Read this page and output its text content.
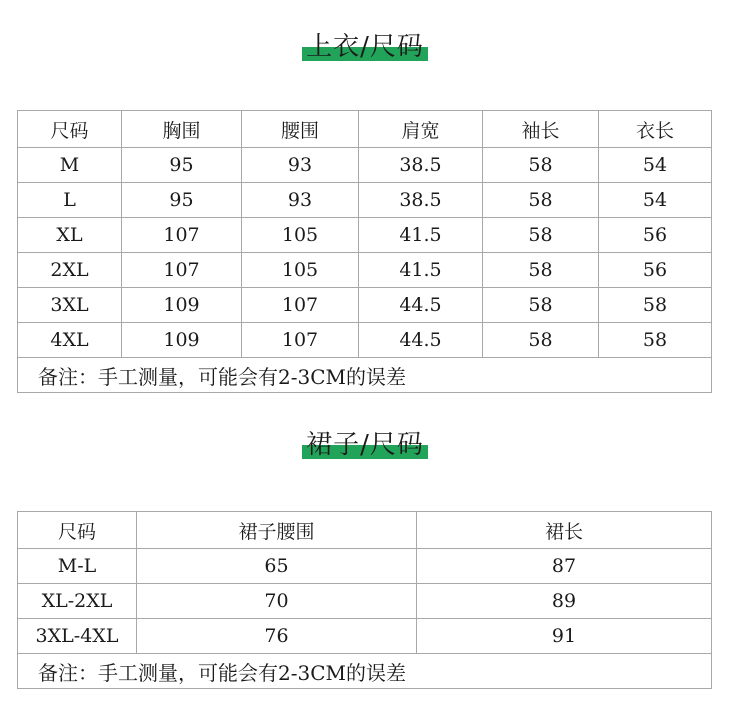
上衣/尺码
尺码	胸围	腰围	肩宽	袖长	衣长
M	95	93	38.5	58	54
L	95	93	38.5	58	54
XL	107	105	41.5	58	56
2XL	107	105	41.5	58	56
3XL	109	107	44.5	58	58
4XL	109	107	44.5	58	58
备注：手工测量，可能会有2-3CM的误差					
裙子/尺码
尺码	裙子腰围	裙长
M-L	65	87
XL-2XL	70	89
3XL-4XL	76	91
备注：手工测量，可能会有2-3CM的误差		
